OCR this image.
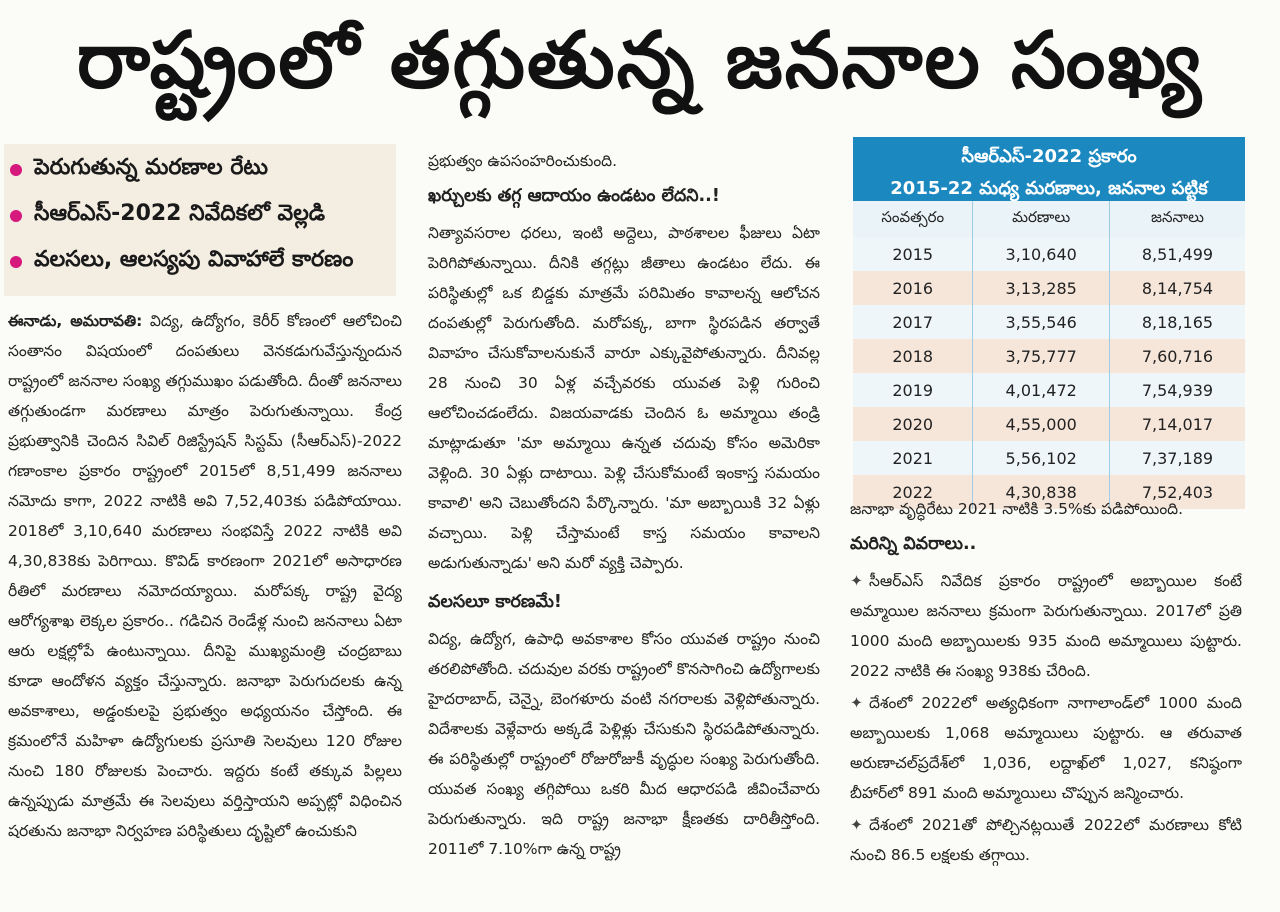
రాష్ట్రంలో తగ్గుతున్న జననాల సంఖ్య
పెరుగుతున్న మరణాల రేటు
సీఆర్ఎస్-2022 నివేదికలో వెల్లడి
వలసలు, ఆలస్యపు వివాహాలే కారణం

ఈనాడు, అమరావతి: విద్య, ఉద్యోగం, కెరీర్ కోణంలో ఆలోచించి సంతానం విషయంలో దంపతులు వెనకడుగువేస్తున్నందున రాష్ట్రంలో జననాల సంఖ్య తగ్గుముఖం పడుతోంది. దీంతో జననాలు తగ్గుతుండగా మరణాలు మాత్రం పెరుగుతున్నాయి. కేంద్ర ప్రభుత్వానికి చెందిన సివిల్ రిజిస్ట్రేషన్ సిస్టమ్ (సీఆర్ఎస్)-2022 గణాంకాల ప్రకారం రాష్ట్రంలో 2015లో 8,51,499 జననాలు నమోదు కాగా, 2022 నాటికి అవి 7,52,403కు పడిపోయాయి. 2018లో 3,10,640 మరణాలు సంభవిస్తే 2022 నాటికి అవి 4,30,838కు పెరిగాయి. కొవిడ్ కారణంగా 2021లో అసాధారణ రీతిలో మరణాలు నమోదయ్యాయి. మరోపక్క రాష్ట్ర వైద్య ఆరోగ్యశాఖ లెక్కల ప్రకారం.. గడిచిన రెండేళ్ల నుంచి జననాలు ఏటా ఆరు లక్షల్లోపే ఉంటున్నాయి. దీనిపై ముఖ్యమంత్రి చంద్రబాబు కూడా ఆందోళన వ్యక్తం చేస్తున్నారు. జనాభా పెరుగుదలకు ఉన్న అవకాశాలు, అడ్డంకులపై ప్రభుత్వం అధ్యయనం చేస్తోంది. ఈ క్రమంలోనే మహిళా ఉద్యోగులకు ప్రసూతి సెలవులు 120 రోజుల నుంచి 180 రోజులకు పెంచారు. ఇద్దరు కంటే తక్కువ పిల్లలు ఉన్నప్పుడు మాత్రమే ఈ సెలవులు వర్తిస్తాయని అప్పట్లో విధించిన షరతును జనాభా నిర్వహణ పరిస్థితులు దృష్టిలో ఉంచుకుని

ప్రభుత్వం ఉపసంహరించుకుంది.

ఖర్చులకు తగ్గ ఆదాయం ఉండటం లేదని..!

నిత్యావసరాల ధరలు, ఇంటి అద్దెలు, పాఠశాలల ఫీజులు ఏటా పెరిగిపోతున్నాయి. దీనికి తగ్గట్లు జీతాలు ఉండటం లేదు. ఈ పరిస్థితుల్లో ఒక బిడ్డకు మాత్రమే పరిమితం కావాలన్న ఆలోచన దంపతుల్లో పెరుగుతోంది. మరోపక్క, బాగా స్థిరపడిన తర్వాతే వివాహం చేసుకోవాలనుకునే వారూ ఎక్కువైపోతున్నారు. దీనివల్ల 28 నుంచి 30 ఏళ్ల వచ్చేవరకు యువత పెళ్లి గురించి ఆలోచించడంలేదు. విజయవాడకు చెందిన ఓ అమ్మాయి తండ్రి మాట్లాడుతూ 'మా అమ్మాయి ఉన్నత చదువు కోసం అమెరికా వెళ్లింది. 30 ఏళ్లు దాటాయి. పెళ్లి చేసుకోమంటే ఇంకాస్త సమయం కావాలి' అని చెబుతోందని పేర్కొన్నారు. 'మా అబ్బాయికి 32 ఏళ్లు వచ్చాయి. పెళ్లి చేస్తామంటే కాస్త సమయం కావాలని అడుగుతున్నాడు' అని మరో వ్యక్తి చెప్పారు.

వలసలూ కారణమే!

విద్య, ఉద్యోగ, ఉపాధి అవకాశాల కోసం యువత రాష్ట్రం నుంచి తరలిపోతోంది. చదువుల వరకు రాష్ట్రంలో కొనసాగించి ఉద్యోగాలకు హైదరాబాద్, చెన్నై, బెంగళూరు వంటి నగరాలకు వెళ్లిపోతున్నారు. విదేశాలకు వెళ్లేవారు అక్కడే పెళ్లిళ్లు చేసుకుని స్థిరపడిపోతున్నారు. ఈ పరిస్థితుల్లో రాష్ట్రంలో రోజురోజుకీ వృద్ధుల సంఖ్య పెరుగుతోంది. యువత సంఖ్య తగ్గిపోయి ఒకరి మీద ఆధారపడి జీవించేవారు పెరుగుతున్నారు. ఇది రాష్ట్ర జనాభా క్షీణతకు దారితీస్తోంది. 2011లో 7.10%గా ఉన్న రాష్ట్ర

సీఆర్ఎస్-2022 ప్రకారం
2015-22 మధ్య మరణాలు, జననాల పట్టిక
సంవత్సరం	మరణాలు	జననాలు
2015	3,10,640	8,51,499
2016	3,13,285	8,14,754
2017	3,55,546	8,18,165
2018	3,75,777	7,60,716
2019	4,01,472	7,54,939
2020	4,55,000	7,14,017
2021	5,56,102	7,37,189
2022	4,30,838	7,52,403

జనాభా వృద్ధిరేటు 2021 నాటికి 3.5%కు పడిపోయింది.

మరిన్ని వివరాలు..

✦ సీఆర్ఎస్ నివేదిక ప్రకారం రాష్ట్రంలో అబ్బాయిల కంటే అమ్మాయిల జననాలు క్రమంగా పెరుగుతున్నాయి. 2017లో ప్రతి 1000 మంది అబ్బాయిలకు 935 మంది అమ్మాయిలు పుట్టారు. 2022 నాటికి ఈ సంఖ్య 938కు చేరింది.

✦ దేశంలో 2022లో అత్యధికంగా నాగాలాండ్‌లో 1000 మంది అబ్బాయిలకు 1,068 అమ్మాయిలు పుట్టారు. ఆ తరువాత అరుణాచల్‌ప్రదేశ్‌లో 1,036, లద్దాఖ్‌లో 1,027, కనిష్ఠంగా బీహార్‌లో 891 మంది అమ్మాయిలు చొప్పున జన్మించారు.

✦ దేశంలో 2021తో పోల్చినట్లయితే 2022లో మరణాలు కోటి నుంచి 86.5 లక్షలకు తగ్గాయి.
